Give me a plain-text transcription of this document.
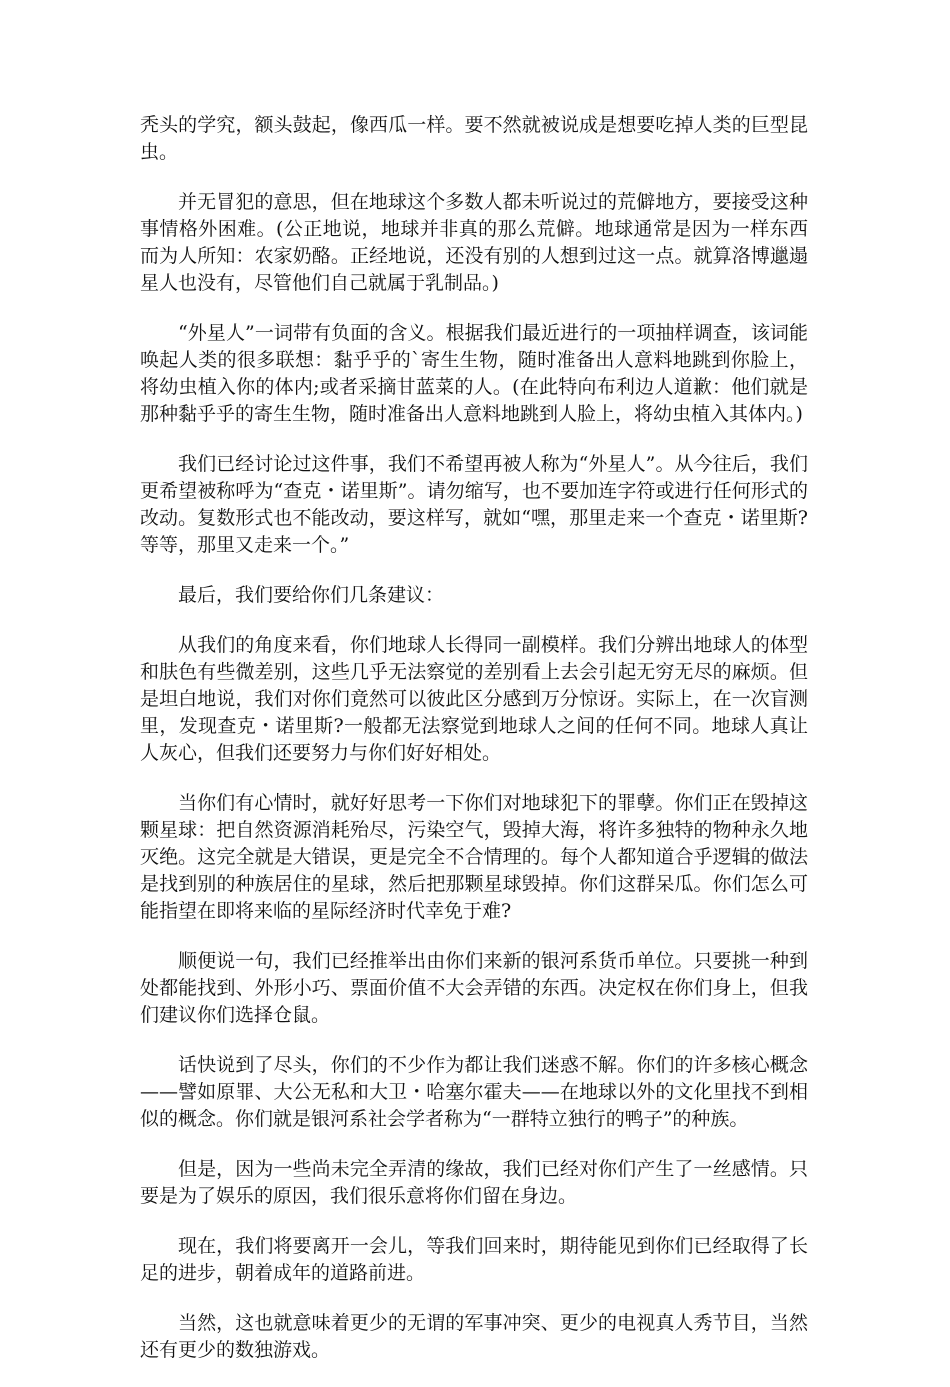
秃头的学究，额头鼓起，像西瓜一样。要不然就被说成是想要吃掉人类的巨型昆虫。

并无冒犯的意思，但在地球这个多数人都未听说过的荒僻地方，要接受这种事情格外困难。(公正地说，地球并非真的那么荒僻。地球通常是因为一样东西而为人所知：农家奶酪。正经地说，还没有别的人想到过这一点。就算洛博邋遢星人也没有，尽管他们自己就属于乳制品。)

“外星人”一词带有负面的含义。根据我们最近进行的一项抽样调查，该词能唤起人类的很多联想：黏乎乎的`寄生生物，随时准备出人意料地跳到你脸上，将幼虫植入你的体内;或者采摘甘蓝菜的人。(在此特向布利边人道歉：他们就是那种黏乎乎的寄生生物，随时准备出人意料地跳到人脸上，将幼虫植入其体内。)

我们已经讨论过这件事，我们不希望再被人称为“外星人”。从今往后，我们更希望被称呼为“查克・诺里斯”。请勿缩写，也不要加连字符或进行任何形式的改动。复数形式也不能改动，要这样写，就如“嘿，那里走来一个查克・诺里斯?等等，那里又走来一个。”

最后，我们要给你们几条建议：

从我们的角度来看，你们地球人长得同一副模样。我们分辨出地球人的体型和肤色有些微差别，这些几乎无法察觉的差别看上去会引起无穷无尽的麻烦。但是坦白地说，我们对你们竟然可以彼此区分感到万分惊讶。实际上，在一次盲测里，发现查克・诺里斯?一般都无法察觉到地球人之间的任何不同。地球人真让人灰心，但我们还要努力与你们好好相处。

当你们有心情时，就好好思考一下你们对地球犯下的罪孽。你们正在毁掉这颗星球：把自然资源消耗殆尽，污染空气，毁掉大海，将许多独特的物种永久地灭绝。这完全就是大错误，更是完全不合情理的。每个人都知道合乎逻辑的做法是找到别的种族居住的星球，然后把那颗星球毁掉。你们这群呆瓜。你们怎么可能指望在即将来临的星际经济时代幸免于难?

顺便说一句，我们已经推举出由你们来新的银河系货币单位。只要挑一种到处都能找到、外形小巧、票面价值不大会弄错的东西。决定权在你们身上，但我们建议你们选择仓鼠。

话快说到了尽头，你们的不少作为都让我们迷惑不解。你们的许多核心概念——譬如原罪、大公无私和大卫・哈塞尔霍夫——在地球以外的文化里找不到相似的概念。你们就是银河系社会学者称为“一群特立独行的鸭子”的种族。

但是，因为一些尚未完全弄清的缘故，我们已经对你们产生了一丝感情。只要是为了娱乐的原因，我们很乐意将你们留在身边。

现在，我们将要离开一会儿，等我们回来时，期待能见到你们已经取得了长足的进步，朝着成年的道路前进。

当然，这也就意味着更少的无谓的军事冲突、更少的电视真人秀节目，当然还有更少的数独游戏。
